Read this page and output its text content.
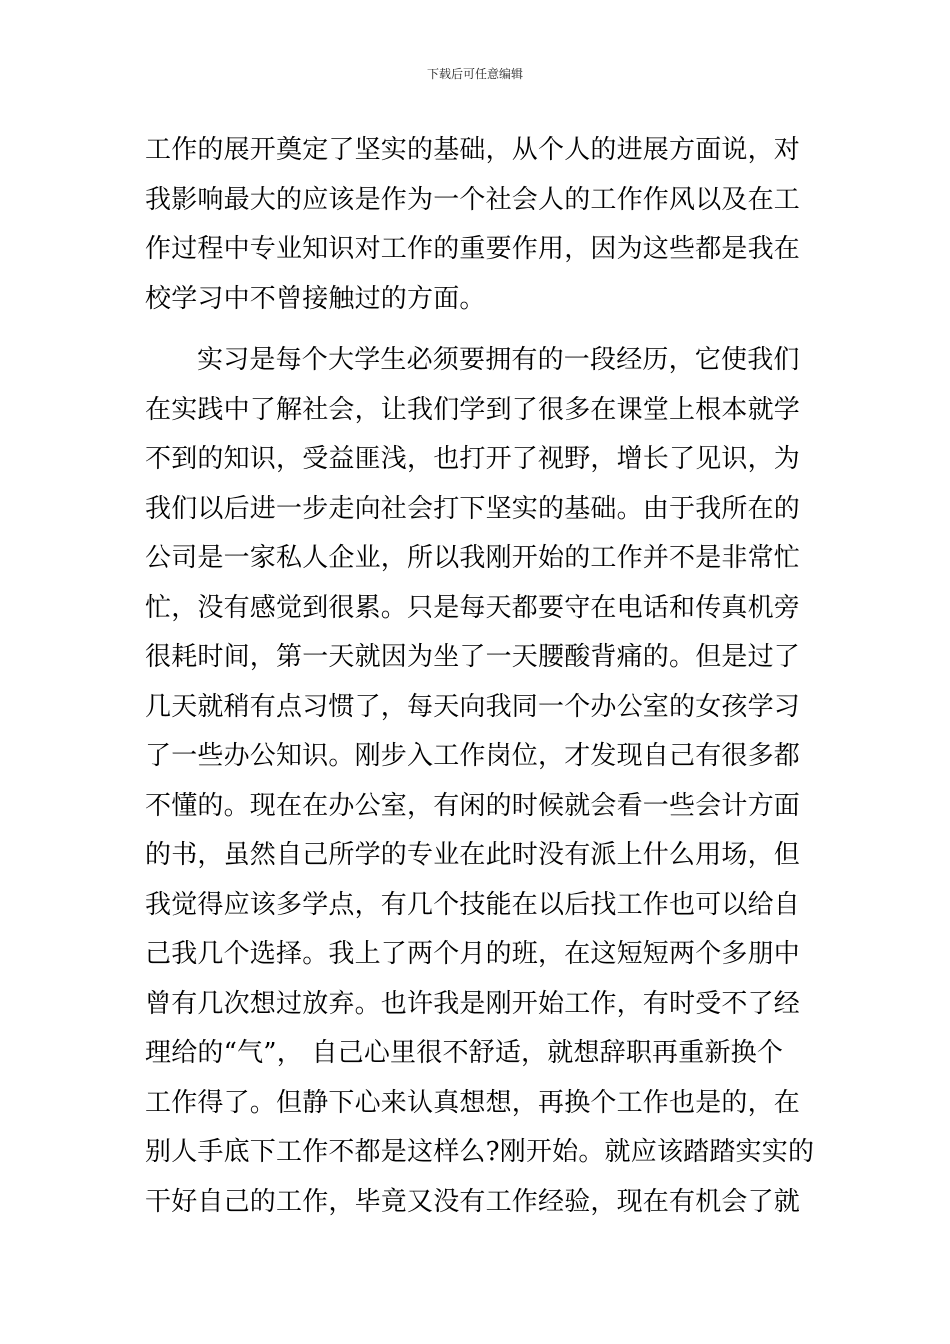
下载后可任意编辑
工作的展开奠定了坚实的基础，从个人的进展方面说，对
我影响最大的应该是作为一个社会人的工作作风以及在工
作过程中专业知识对工作的重要作用，因为这些都是我在
校学习中不曾接触过的方面。
实习是每个大学生必须要拥有的一段经历，它使我们
在实践中了解社会，让我们学到了很多在课堂上根本就学
不到的知识，受益匪浅，也打开了视野，增长了见识，为
我们以后进一步走向社会打下坚实的基础。由于我所在的
公司是一家私人企业，所以我刚开始的工作并不是非常忙
忙，没有感觉到很累。只是每天都要守在电话和传真机旁
很耗时间，第一天就因为坐了一天腰酸背痛的。但是过了
几天就稍有点习惯了，每天向我同一个办公室的女孩学习
了一些办公知识。刚步入工作岗位，才发现自己有很多都
不懂的。现在在办公室，有闲的时候就会看一些会计方面
的书，虽然自己所学的专业在此时没有派上什么用场，但
我觉得应该多学点，有几个技能在以后找工作也可以给自
己我几个选择。我上了两个月的班，在这短短两个多朋中
曾有几次想过放弃。也许我是刚开始工作，有时受不了经
理给的“气”， 自己心里很不舒适，就想辞职再重新换个
工作得了。但静下心来认真想想，再换个工作也是的，在
别人手底下工作不都是这样么?刚开始。就应该踏踏实实的
干好自己的工作，毕竟又没有工作经验，现在有机会了就
